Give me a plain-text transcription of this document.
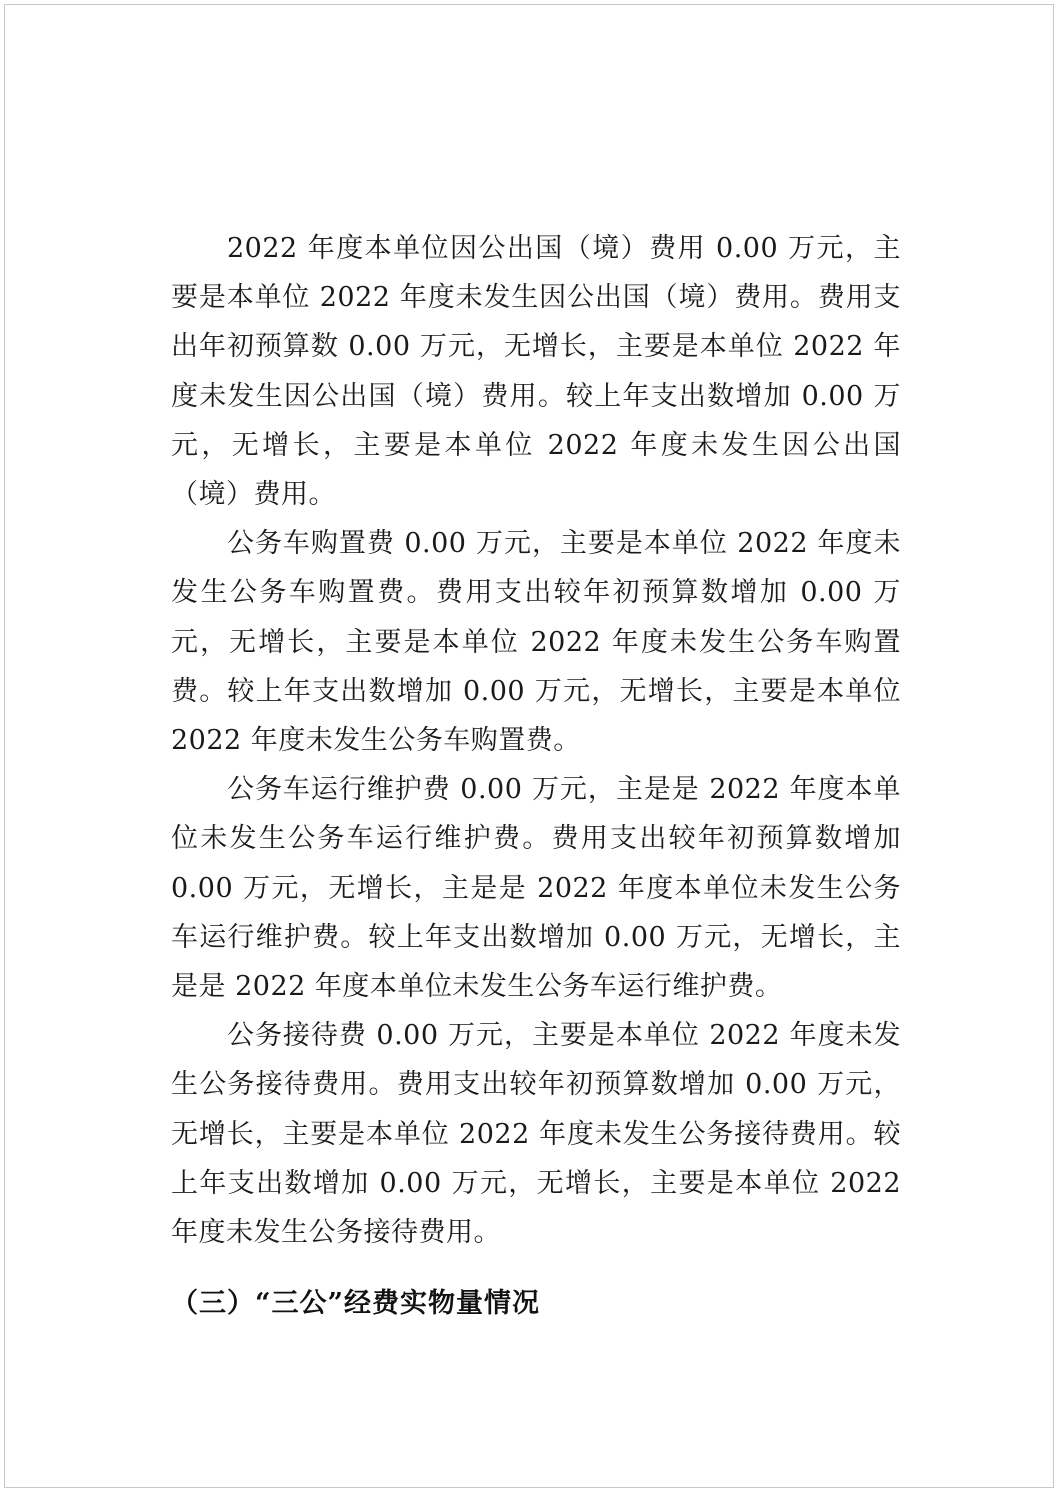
2022 年度本单位因公出国（境）费用 0.00 万元，主要是本单位 2022 年度未发生因公出国（境）费用。费用支出年初预算数 0.00 万元，无增长，主要是本单位 2022 年度未发生因公出国（境）费用。较上年支出数增加 0.00 万元，无增长，主要是本单位 2022 年度未发生因公出国（境）费用。

公务车购置费 0.00 万元，主要是本单位 2022 年度未发生公务车购置费。费用支出较年初预算数增加 0.00 万元，无增长，主要是本单位 2022 年度未发生公务车购置费。较上年支出数增加 0.00 万元，无增长，主要是本单位 2022 年度未发生公务车购置费。

公务车运行维护费 0.00 万元，主是是 2022 年度本单位未发生公务车运行维护费。费用支出较年初预算数增加 0.00 万元，无增长，主是是 2022 年度本单位未发生公务车运行维护费。较上年支出数增加 0.00 万元，无增长，主是是 2022 年度本单位未发生公务车运行维护费。

公务接待费 0.00 万元，主要是本单位 2022 年度未发生公务接待费用。费用支出较年初预算数增加 0.00 万元，无增长，主要是本单位 2022 年度未发生公务接待费用。较上年支出数增加 0.00 万元，无增长，主要是本单位 2022 年度未发生公务接待费用。

（三）“三公”经费实物量情况
